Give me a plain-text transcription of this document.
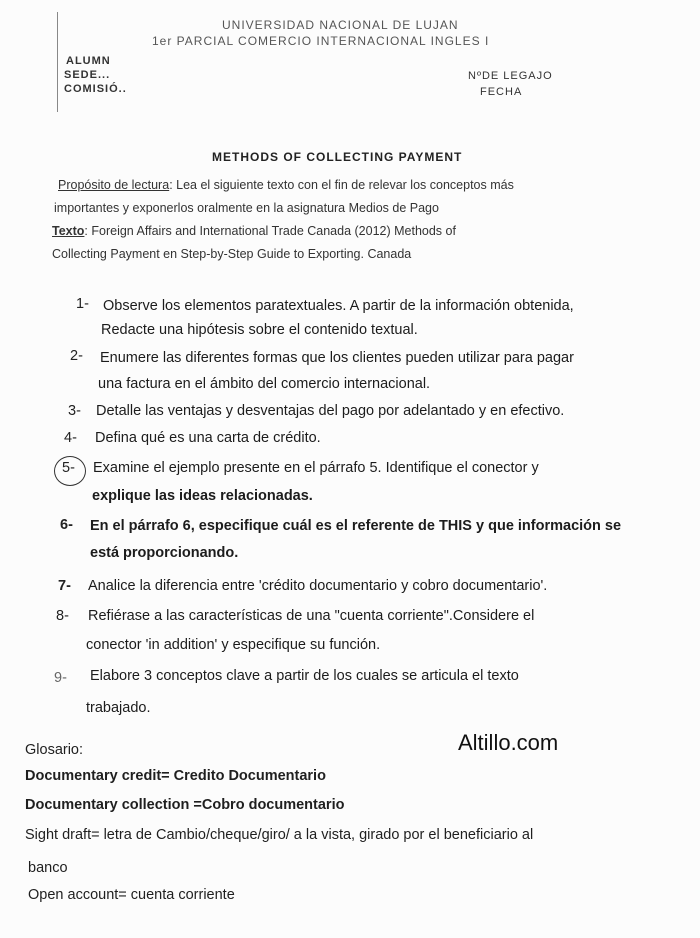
UNIVERSIDAD NACIONAL DE LUJAN
1er PARCIAL COMERCIO INTERNACIONAL INGLES I
ALUMN
SEDE...
COMISIÓ..
NºDE LEGAJO
FECHA
METHODS OF COLLECTING PAYMENT
Propósito de lectura: Lea el siguiente texto con el fin de relevar los conceptos más
importantes y exponerlos oralmente en la asignatura Medios de Pago
Texto: Foreign Affairs and International Trade Canada (2012) Methods of
Collecting Payment en Step-by-Step Guide to Exporting. Canada
1- Observe los elementos paratextuales. A partir de la información obtenida,
Redacte una hipótesis sobre el contenido textual.
2- Enumere las diferentes formas que los clientes pueden utilizar para pagar
una factura en el ámbito del comercio internacional.
3- Detalle las ventajas y desventajas del pago por adelantado y en efectivo.
4- Defina qué es una carta de crédito.
5- Examine el ejemplo presente en el párrafo 5. Identifique el conector y
explique las ideas relacionadas.
6- En el párrafo 6, especifique cuál es el referente de THIS y que información se
está proporcionando.
7- Analice la diferencia entre 'crédito documentario y cobro documentario'.
8- Refiérase a las características de una "cuenta corriente".Considere el
conector 'in addition' y especifique su función.
9- Elabore 3 conceptos clave a partir de los cuales se articula el texto
trabajado.
Altillo.com
Glosario:
Documentary credit= Credito Documentario
Documentary collection =Cobro documentario
Sight draft= letra de Cambio/cheque/giro/ a la vista, girado por el beneficiario al
banco
Open account= cuenta corriente
